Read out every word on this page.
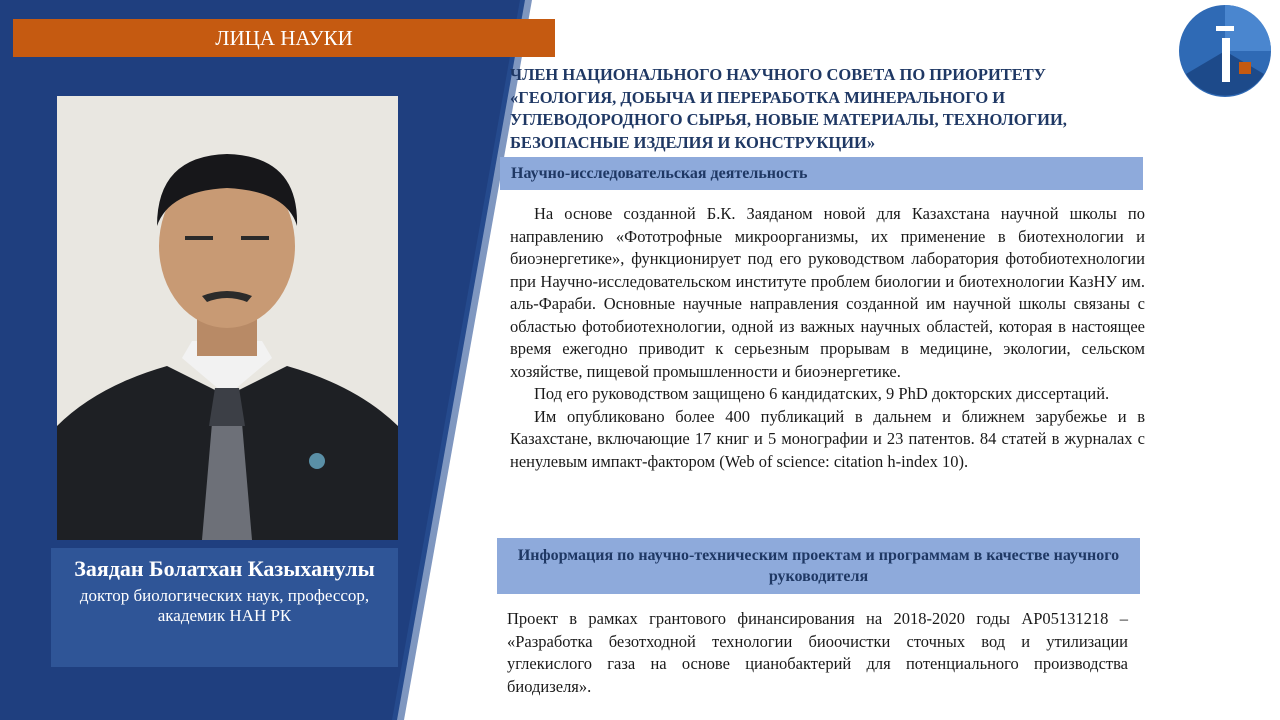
ЛИЦА НАУКИ
Заядан Болатхан Казыханулы
доктор биологических наук, профессор, академик НАН РК
ЧЛЕН НАЦИОНАЛЬНОГО НАУЧНОГО СОВЕТА ПО ПРИОРИТЕТУ «ГЕОЛОГИЯ, ДОБЫЧА И ПЕРЕРАБОТКА МИНЕРАЛЬНОГО И УГЛЕВОДОРОДНОГО СЫРЬЯ, НОВЫЕ МАТЕРИАЛЫ, ТЕХНОЛОГИИ, БЕЗОПАСНЫЕ ИЗДЕЛИЯ И КОНСТРУКЦИИ»
Научно-исследовательская деятельность

На основе созданной Б.К. Заяданом новой для Казахстана научной школы по направлению «Фототрофные микроорганизмы, их применение в биотехнологии и биоэнергетике», функционирует под его руководством лаборатория фотобиотехнологии при Научно-исследовательском институте проблем биологии и биотехнологии КазНУ им. аль-Фараби. Основные научные направления созданной им научной школы связаны с областью фотобиотехнологии, одной из важных научных областей, которая в настоящее время ежегодно приводит к серьезным прорывам в медицине, экологии, сельском хозяйстве, пищевой промышленности и биоэнергетике.

Под его руководством защищено 6 кандидатских, 9 PhD докторских диссертаций.

Им опубликовано более 400 публикаций в дальнем и ближнем зарубежье и в Казахстане, включающие 17 книг и 5 монографии и 23 патентов. 84 статей в журналах с ненулевым импакт-фактором (Web of science: citation h-index 10).

Информация по научно-техническим проектам и программам в качестве научного руководителя

Проект в рамках грантового финансирования на 2018-2020 годы AP05131218 – «Разработка безотходной технологии биоочистки сточных вод и утилизации углекислого газа на основе цианобактерий для потенциального производства биодизеля».
